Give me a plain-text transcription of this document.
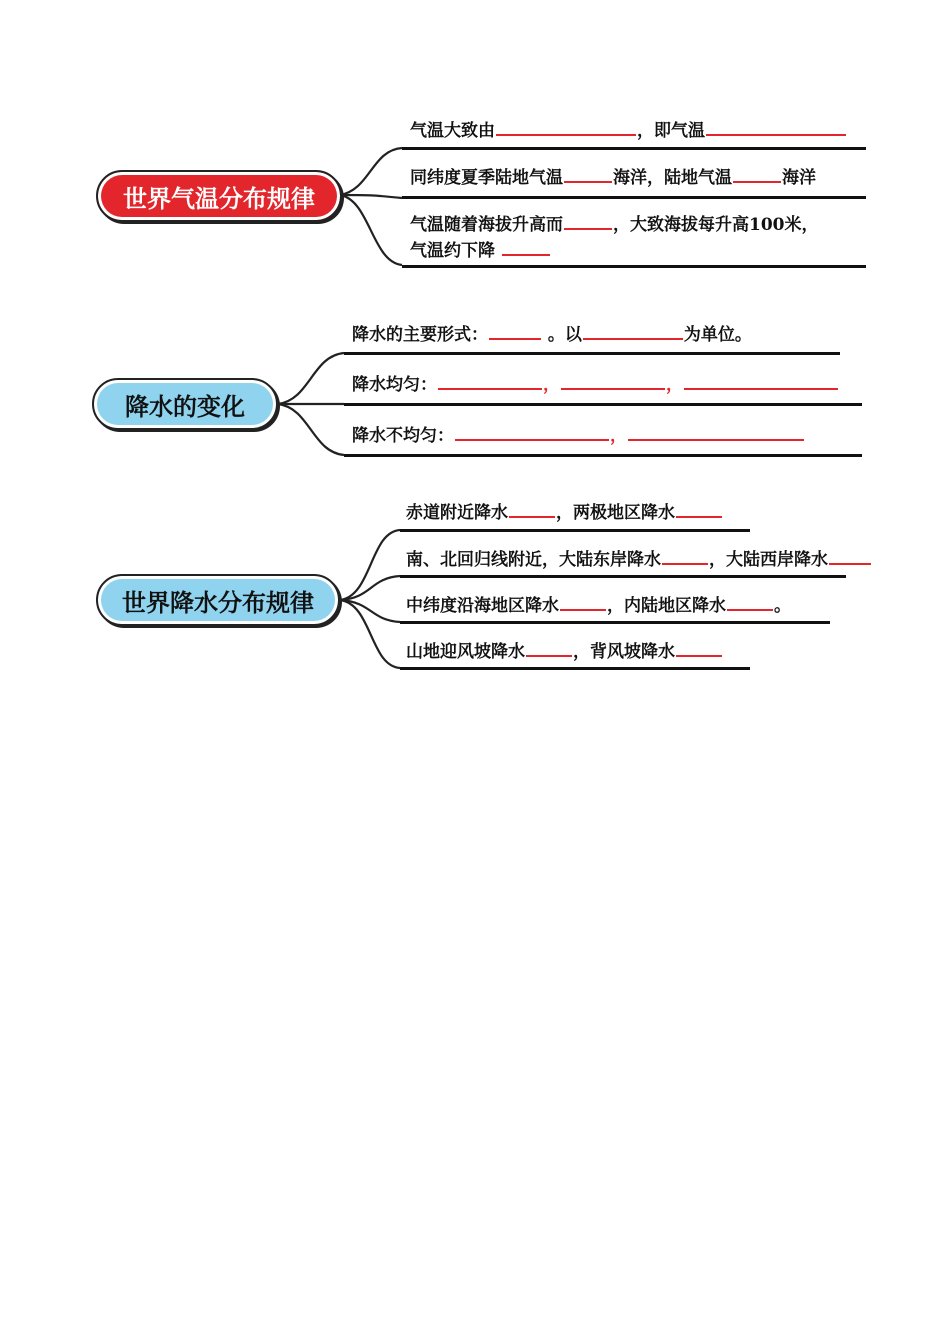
世界气温分布规律
气温大致由	，即气温
同纬度夏季陆地气温	海洋，陆地气温	海洋
气温随着海拔升高而	，大致海拔每升高100米，
气温约下降
降水的变化
降水的主要形式：	。以	为单位。
降水均匀：	，	，
降水不均匀：	，
世界降水分布规律
赤道附近降水	，两极地区降水
南、北回归线附近，大陆东岸降水	，大陆西岸降水
中纬度沿海地区降水	，内陆地区降水	。
山地迎风坡降水	，背风坡降水
